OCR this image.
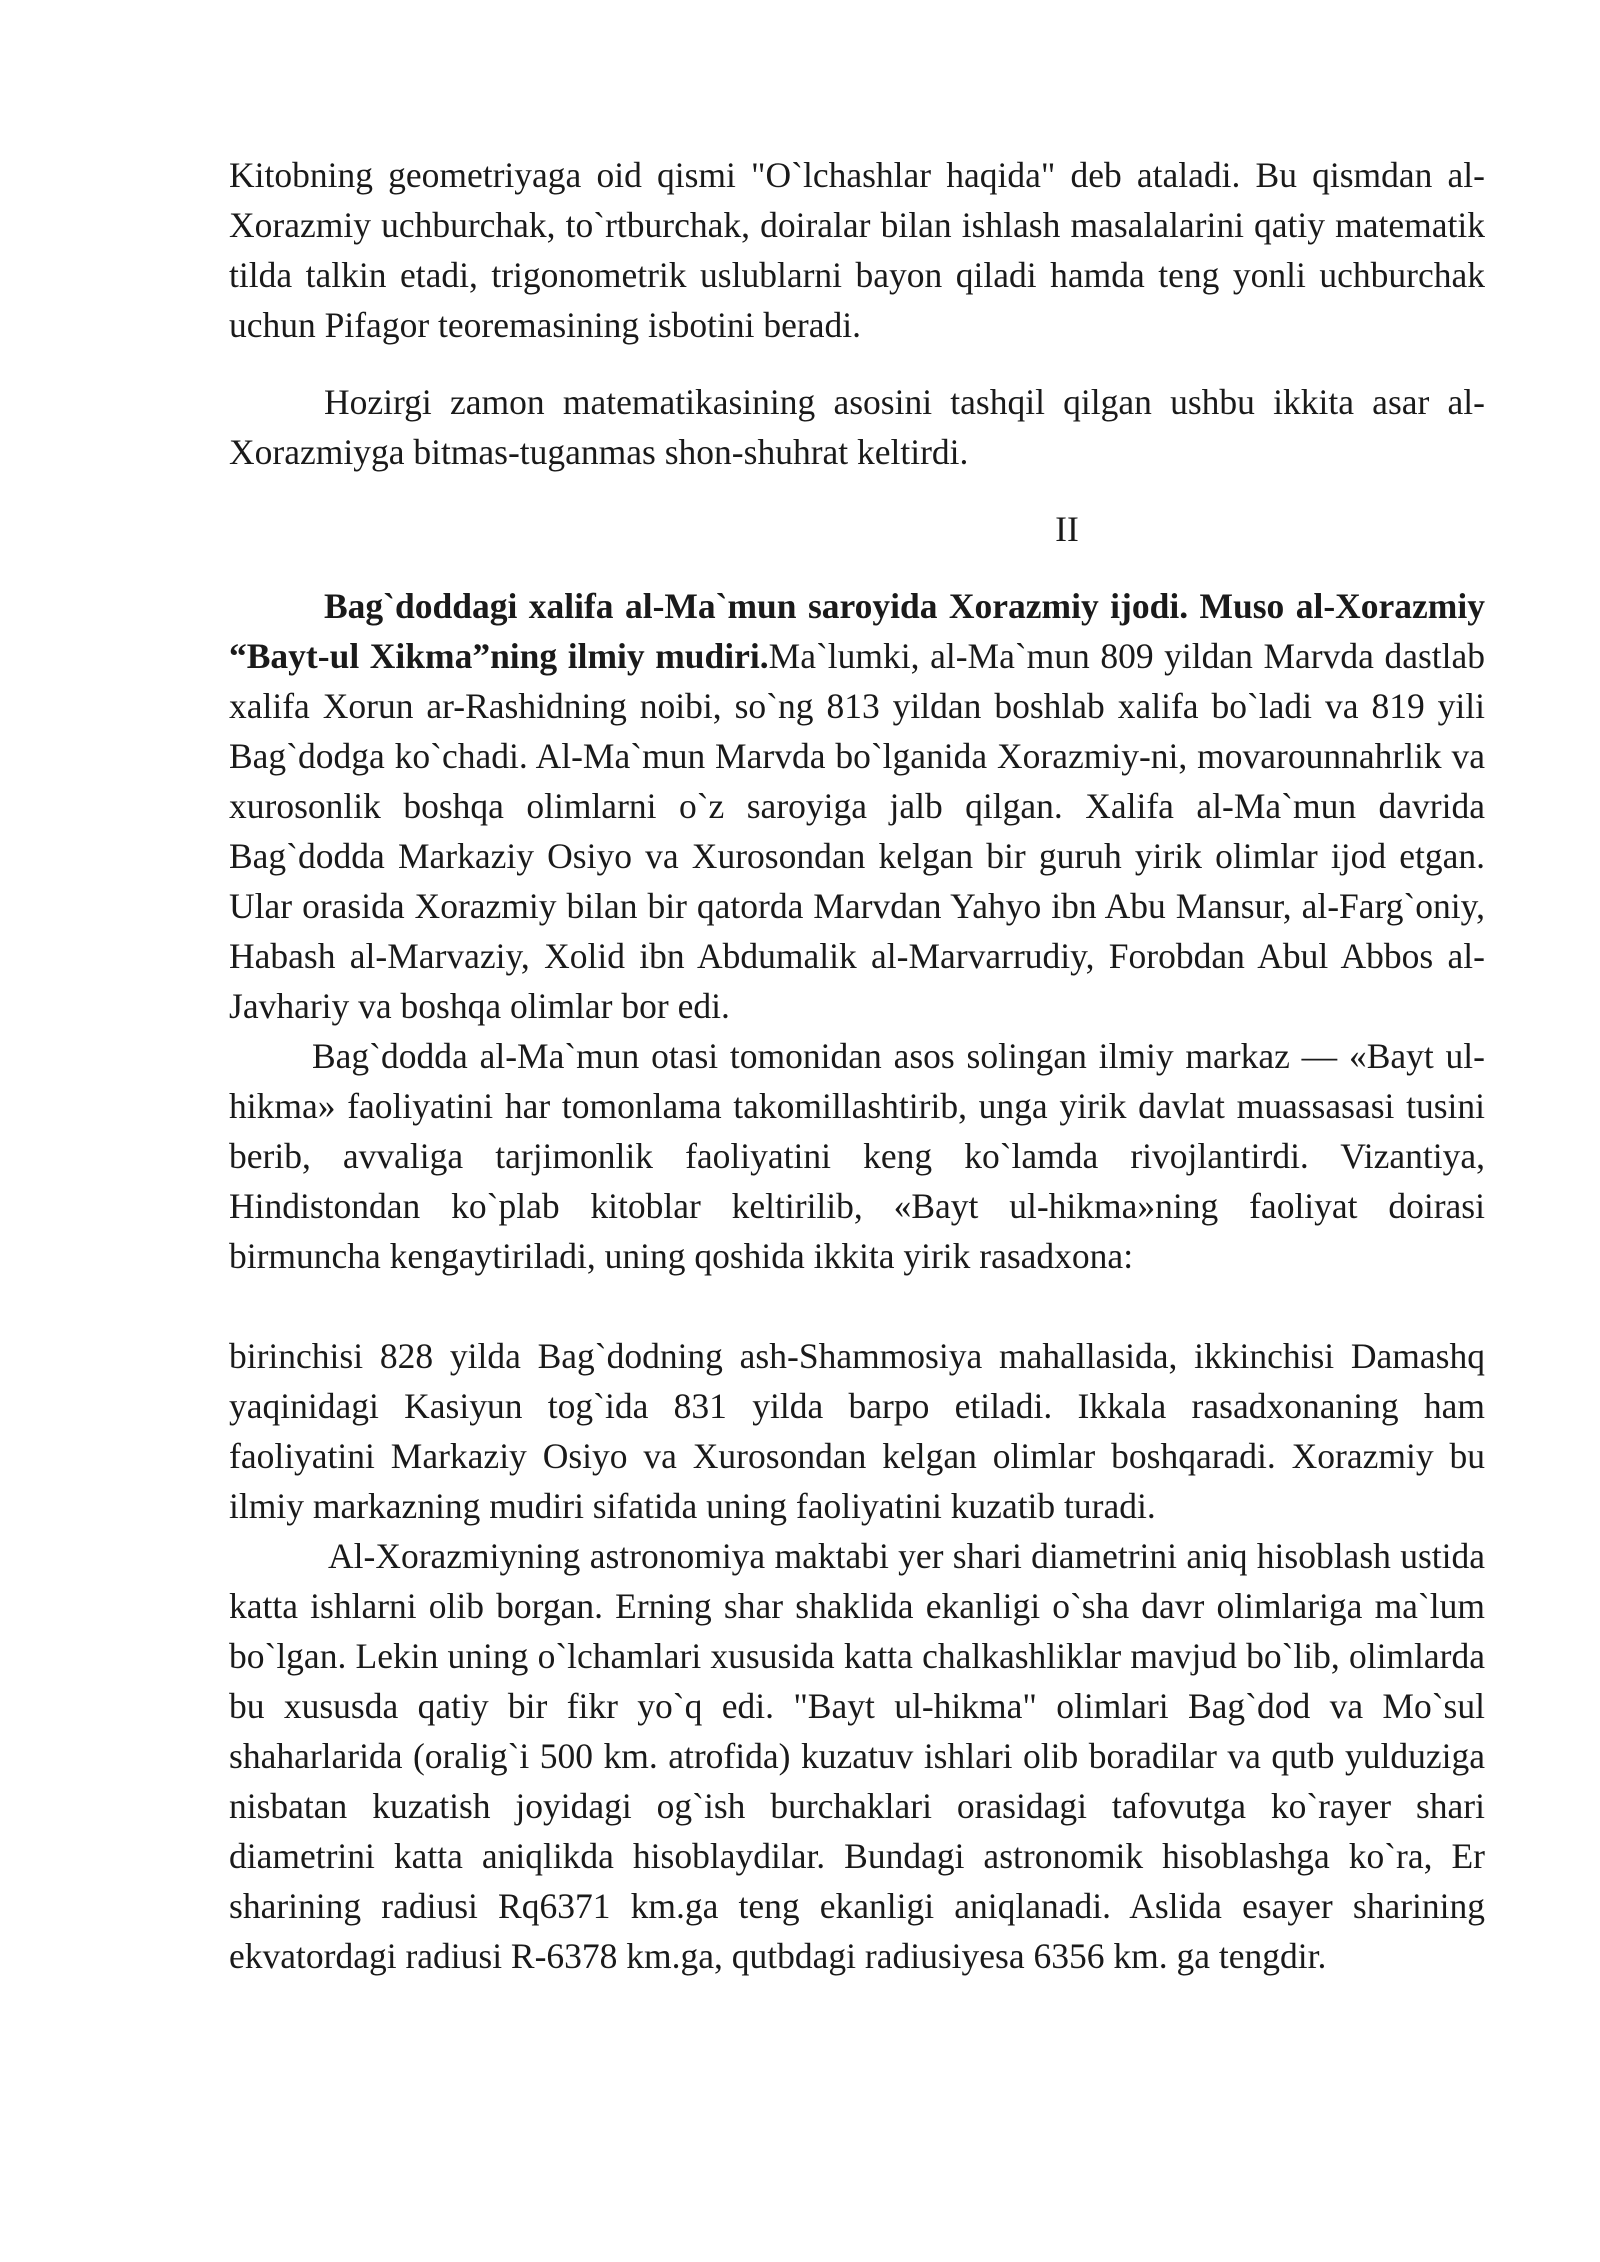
Kitobning geometriyaga oid qismi "O`lchashlar haqida" deb ataladi. Bu qismdan al-Xorazmiy uchburchak, to`rtburchak, doiralar bilan ishlash masalalarini qatiy matematik tilda talkin etadi, trigonometrik uslublarni bayon qiladi hamda teng yonli uchburchak uchun Pifagor teoremasining isbotini beradi.

Hozirgi zamon matematikasining asosini tashqil qilgan ushbu ikkita asar al-Xorazmiyga bitmas-tuganmas shon-shuhrat keltirdi.

II

Bag`doddagi xalifa al-Ma`mun saroyida Xorazmiy ijodi. Muso al-Xorazmiy “Bayt-ul Xikma”ning ilmiy mudiri.Ma`lumki, al-Ma`mun 809 yildan Marvda dastlab xalifa Xorun ar-Rashidning noibi, so`ng 813 yildan boshlab xalifa bo`ladi va 819 yili Bag`dodga ko`chadi. Al-Ma`mun Marvda bo`lganida Xorazmiy-ni, movarounnahrlik va xurosonlik boshqa olimlarni o`z saroyiga jalb qilgan. Xalifa al-Ma`mun davrida Bag`dodda Markaziy Osiyo va Xurosondan kelgan bir guruh yirik olimlar ijod etgan. Ular orasida Xorazmiy bilan bir qatorda Marvdan Yahyo ibn Abu Mansur, al-Farg`oniy, Habash al-Marvaziy, Xolid ibn Abdumalik al-Marvarrudiy, Forobdan Abul Abbos al-Javhariy va boshqa olimlar bor edi.

Bag`dodda al-Ma`mun otasi tomonidan asos solingan ilmiy markaz — «Bayt ul-hikma» faoliyatini har tomonlama takomillashtirib, unga yirik davlat muassasasi tusini berib, avvaliga tarjimonlik faoliyatini keng ko`lamda rivojlantirdi. Vizantiya, Hindistondan ko`plab kitoblar keltirilib, «Bayt ul-hikma»ning faoliyat doirasi birmuncha kengaytiriladi, uning qoshida ikkita yirik rasadxona:

birinchisi 828 yilda Bag`dodning ash-Shammosiya mahallasida, ikkinchisi Damashq yaqinidagi Kasiyun tog`ida 831 yilda barpo etiladi. Ikkala rasadxonaning ham faoliyatini Markaziy Osiyo va Xurosondan kelgan olimlar boshqaradi. Xorazmiy bu ilmiy markazning mudiri sifatida uning faoliyatini kuzatib turadi.

Al-Xorazmiyning astronomiya maktabi yer shari diametrini aniq hisoblash ustida katta ishlarni olib borgan. Erning shar shaklida ekanligi o`sha davr olimlariga ma`lum bo`lgan. Lekin uning o`lchamlari xususida katta chalkashliklar mavjud bo`lib, olimlarda bu xususda qatiy bir fikr yo`q edi. "Bayt ul-hikma" olimlari Bag`dod va Mo`sul shaharlarida (oralig`i 500 km. atrofida) kuzatuv ishlari olib boradilar va qutb yulduziga nisbatan kuzatish joyidagi og`ish burchaklari orasidagi tafovutga ko`rayer shari diametrini katta aniqlikda hisoblaydilar. Bundagi astronomik hisoblashga ko`ra, Er sharining radiusi Rq6371 km.ga teng ekanligi aniqlanadi. Aslida esayer sharining ekvatordagi radiusi R-6378 km.ga, qutbdagi radiusiyesa 6356 km. ga tengdir.
